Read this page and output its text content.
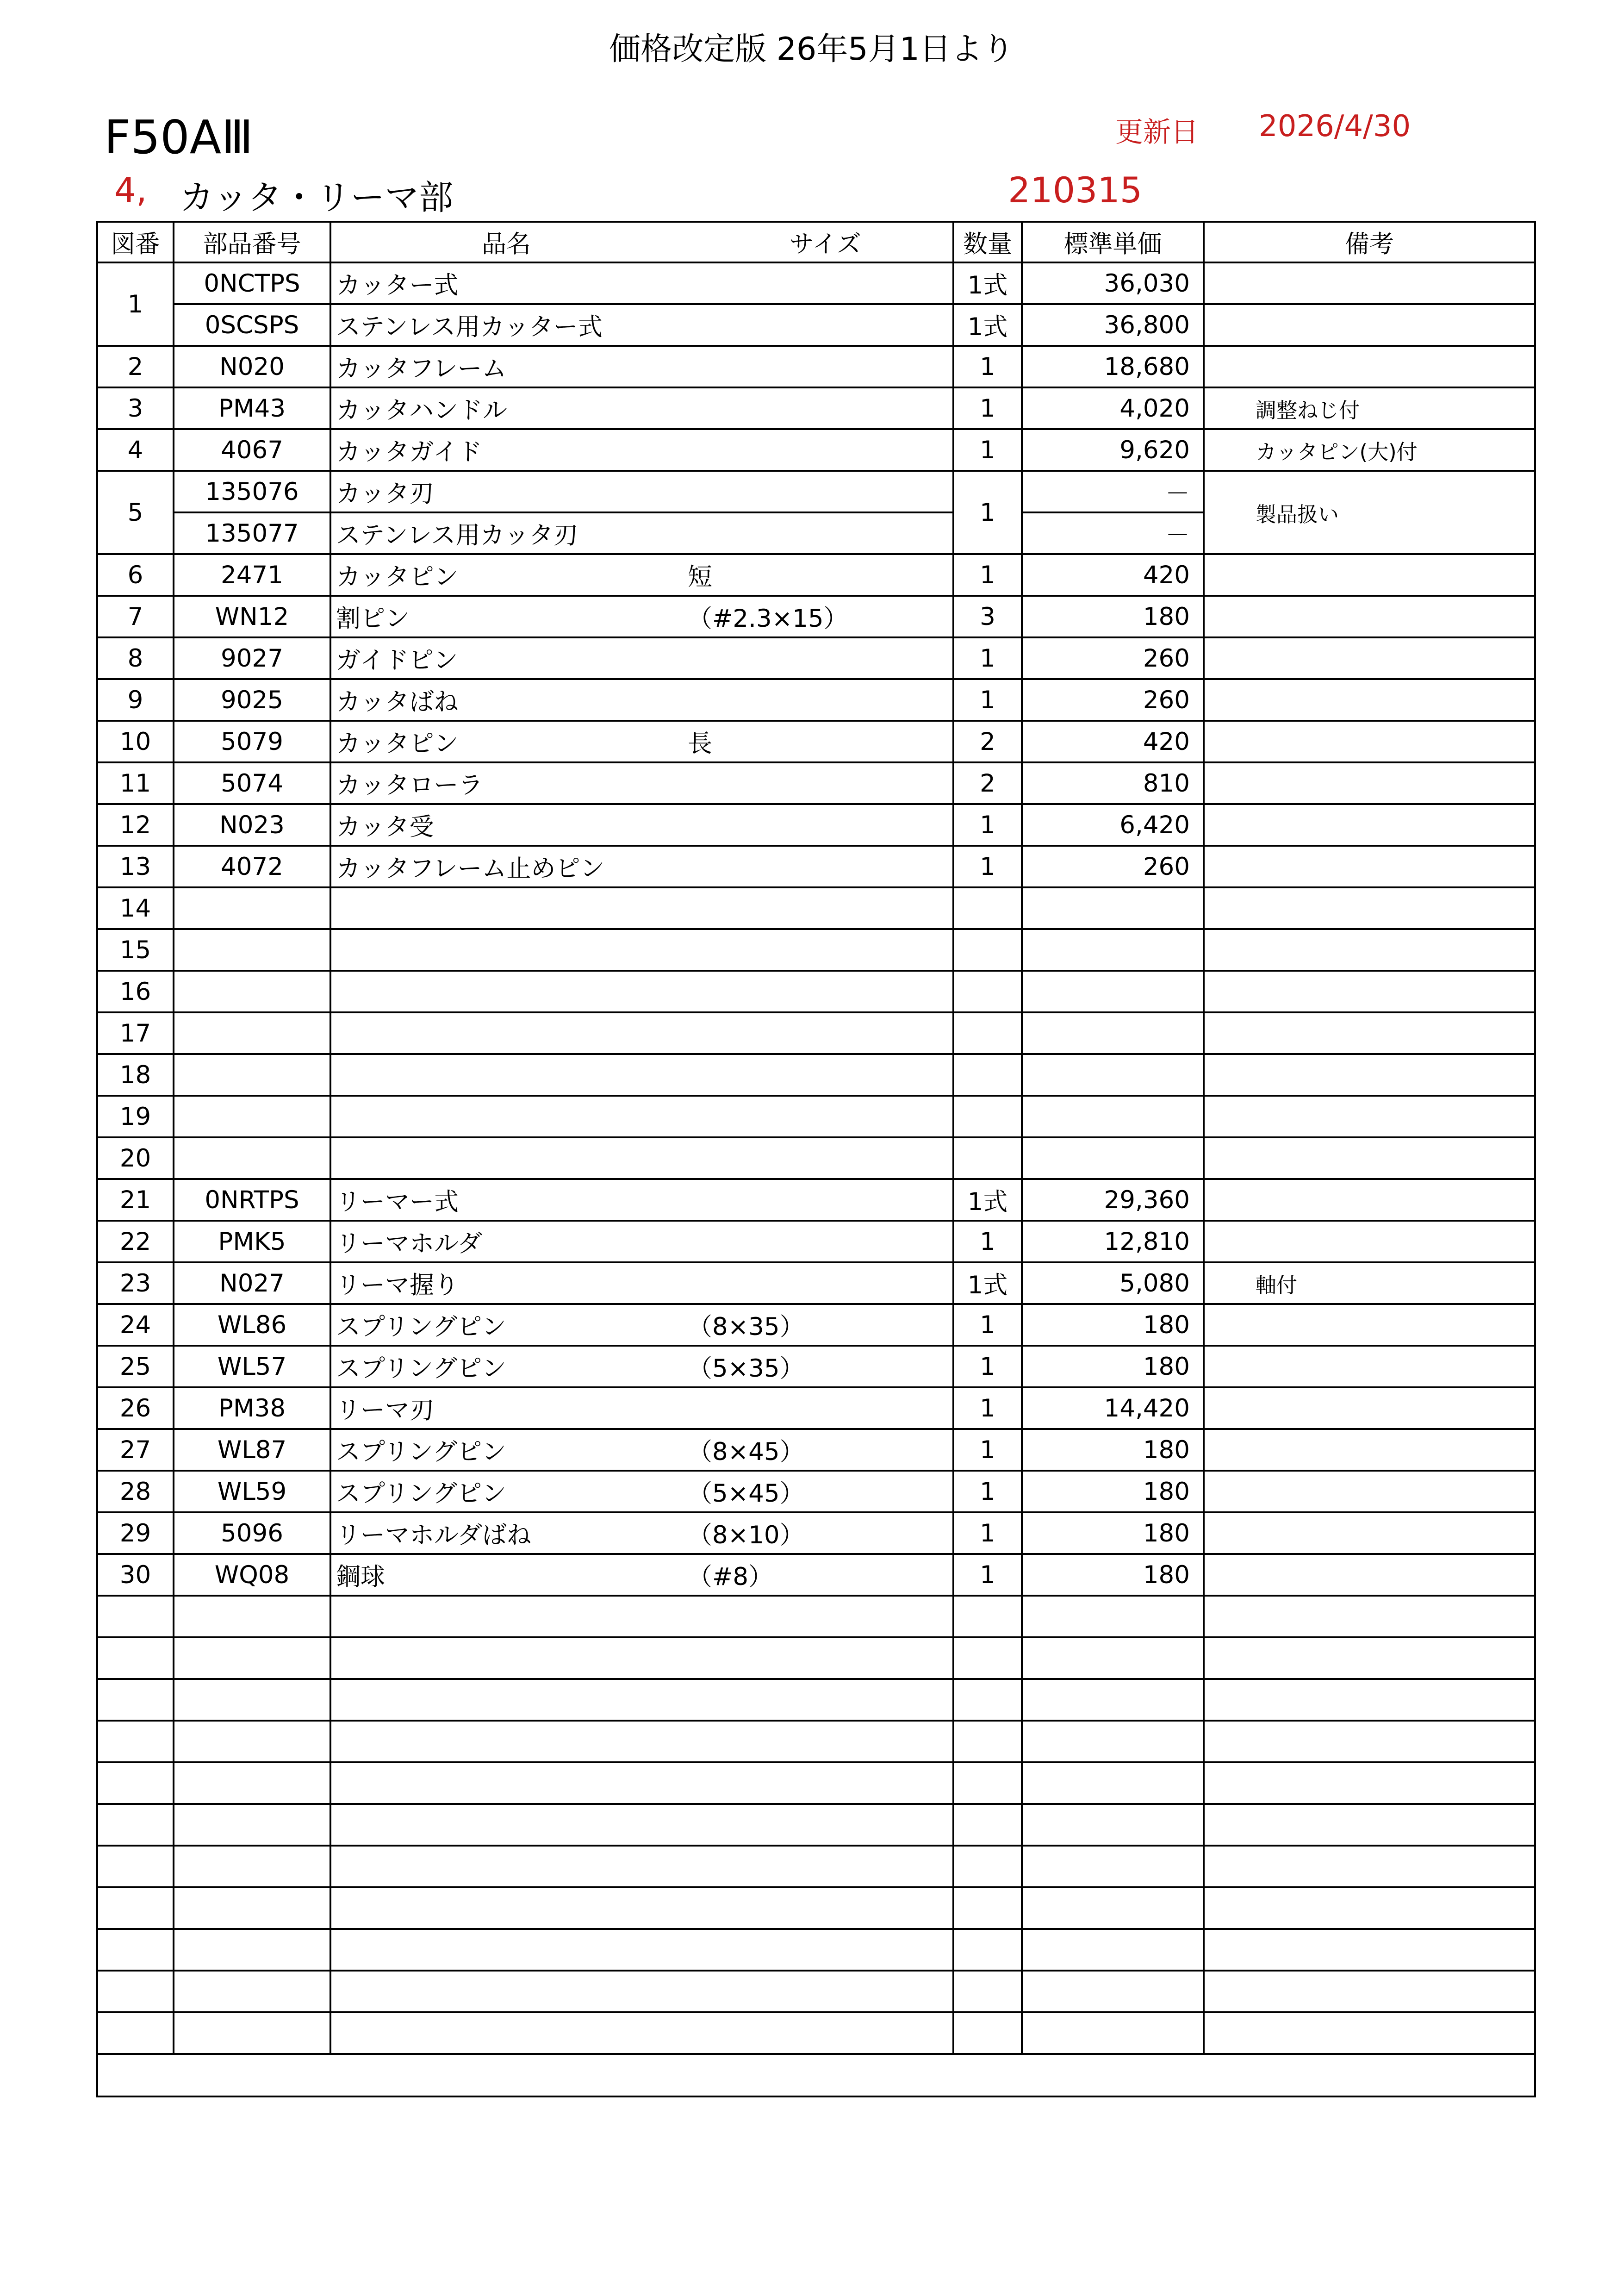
価格改定版 26年5月1日より
F50AⅢ	更新日 2026/4/30
4, カッタ・リーマ部	210315
図番	部品番号	品名 サイズ	数量	標準単価	備考
1	0NCTPS	カッター式	1式	36,030	
	0SCSPS	ステンレス用カッター式	1式	36,800	
2	N020	カッタフレーム	1	18,680	
3	PM43	カッタハンドル	1	4,020	調整ねじ付
4	4067	カッタガイド	1	9,620	カッタピン(大)付
5	135076	カッタ刃	1	－	製品扱い
	135077	ステンレス用カッタ刃		－	
6	2471	カッタピン 短	1	420	
7	WN12	割ピン （#2.3×15）	3	180	
8	9027	ガイドピン	1	260	
9	9025	カッタばね	1	260	
10	5079	カッタピン 長	2	420	
11	5074	カッタローラ	2	810	
12	N023	カッタ受	1	6,420	
13	4072	カッタフレーム止めピン	1	260	
14		

15		

16		

17		

18		

19		

20		

21	0NRTPS	リーマー式	1式	29,360	
22	PMK5	リーマホルダ	1	12,810	
23	N027	リーマ握り	1式	5,080	軸付
24	WL86	スプリングピン （8×35）	1	180	
25	WL57	スプリングピン （5×35）	1	180	
26	PM38	リーマ刃	1	14,420	
27	WL87	スプリングピン （8×45）	1	180	
28	WL59	スプリングピン （5×45）	1	180	
29	5096	リーマホルダばね （8×10）	1	180	
30	WQ08	鋼球 （#8）	1	180	
